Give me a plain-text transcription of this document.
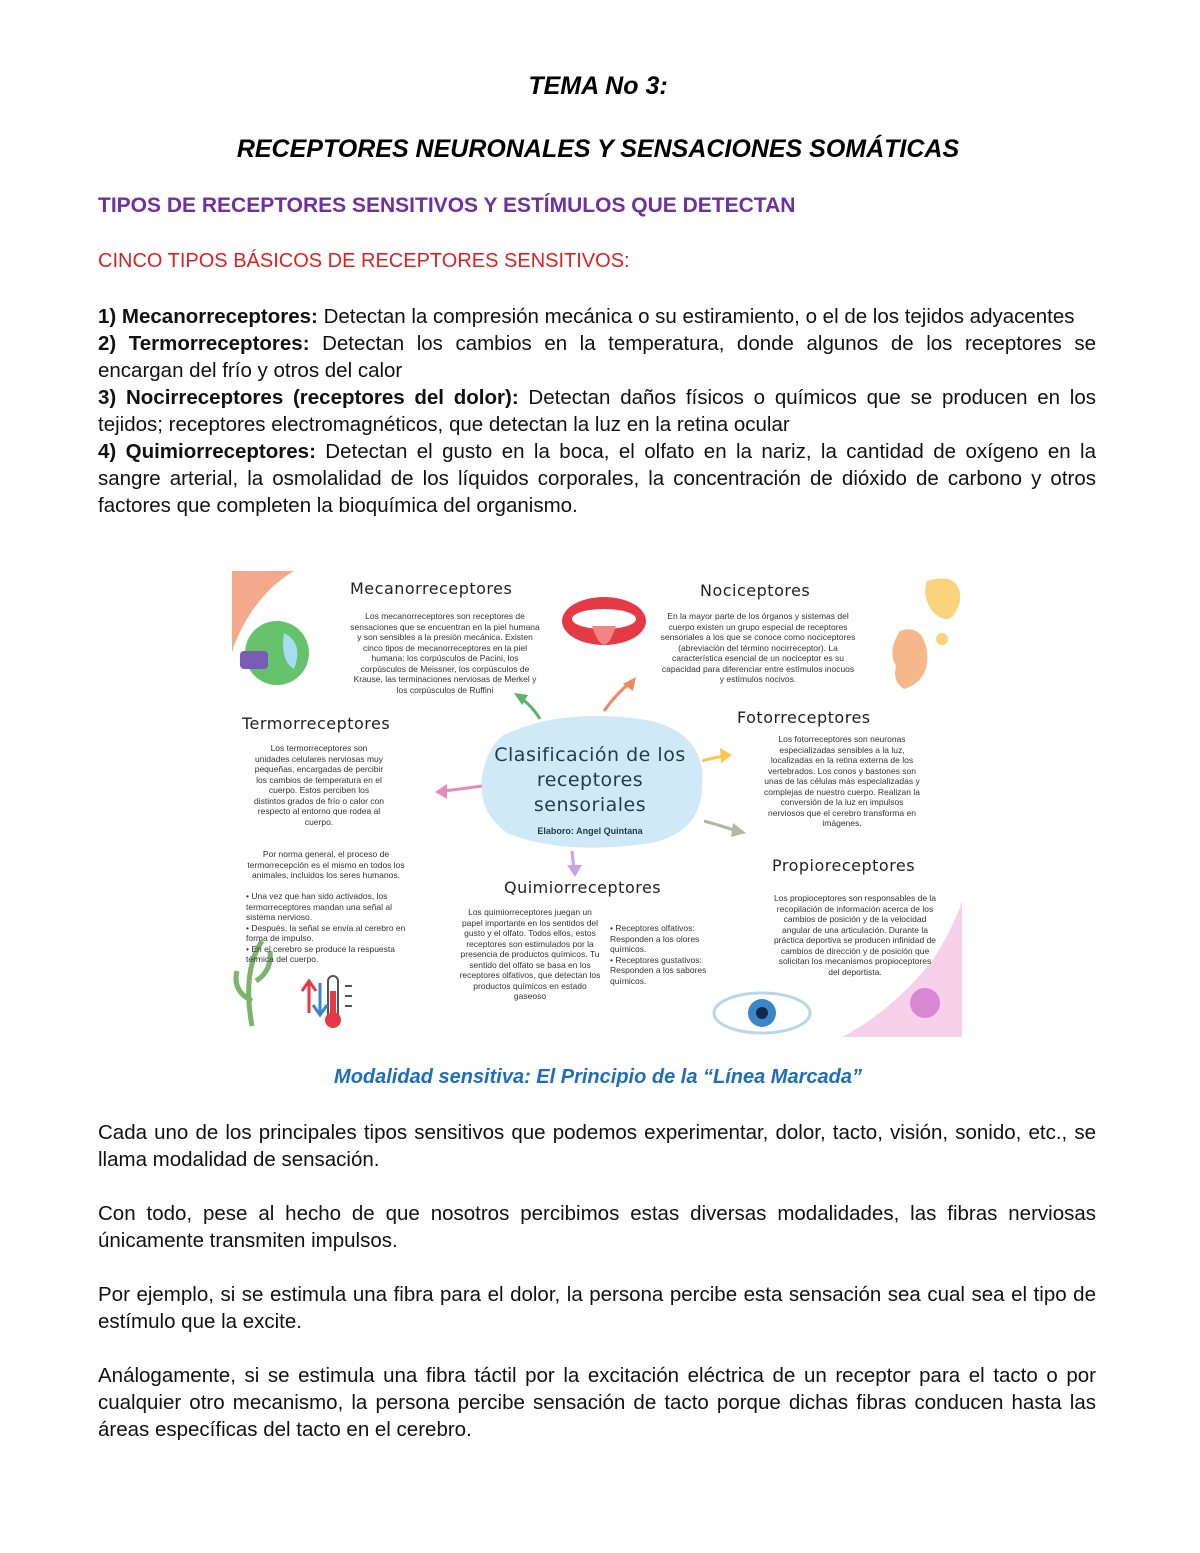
TEMA No 3:
RECEPTORES NEURONALES Y SENSACIONES SOMÁTICAS
TIPOS DE RECEPTORES SENSITIVOS Y ESTÍMULOS QUE DETECTAN
CINCO TIPOS BÁSICOS DE RECEPTORES SENSITIVOS:

1) Mecanorreceptores: Detectan la compresión mecánica o su estiramiento, o el de los tejidos adyacentes

2) Termorreceptores: Detectan los cambios en la temperatura, donde algunos de los receptores se encargan del frío y otros del calor

3) Nocirreceptores (receptores del dolor): Detectan daños físicos o químicos que se producen en los tejidos; receptores electromagnéticos, que detectan la luz en la retina ocular

4) Quimiorreceptores: Detectan el gusto en la boca, el olfato en la nariz, la cantidad de oxígeno en la sangre arterial, la osmolalidad de los líquidos corporales, la concentración de dióxido de carbono y otros factores que completen la bioquímica del organismo.

Mecanorreceptores
Los mecanorreceptores son receptores de sensaciones que se encuentran en la piel humana y son sensibles a la presión mecánica. Existen cinco tipos de mecanorreceptores en la piel humana: los corpúsculos de Pacini, los corpúsculos de Meissner, los corpúsculos de Krause, las terminaciones nerviosas de Merkel y los corpúsculos de Ruffini
Nociceptores
En la mayor parte de los órganos y sistemas del cuerpo existen un grupo especial de receptores sensoriales a los que se conoce como nociceptores (abreviación del término nocirreceptor). La característica esencial de un nociceptor es su capacidad para diferenciar entre estímulos inocuos y estímulos nocivos.
Termorreceptores
Los termorreceptores son unidades celulares nerviosas muy pequeñas, encargadas de percibir los cambios de temperatura en el cuerpo. Estos perciben los distintos grados de frío o calor con respecto al entorno que rodea al cuerpo.
Por norma general, el proceso de termorrecepción es el mismo en todos los animales, incluidos los seres humanos.
• Una vez que han sido activados, los termorreceptores mandan una señal al sistema nervioso.
• Después, la señal se envía al cerebro en forma de impulso.
• En el cerebro se produce la respuesta térmica del cuerpo.
Clasificación de los receptores sensoriales
Elaboro: Angel Quintana
Fotorreceptores
Los fotorreceptores son neuronas especializadas sensibles a la luz, localizadas en la retina externa de los vertebrados. Los conos y bastones son unas de las células más especializadas y complejas de nuestro cuerpo. Realizan la conversión de la luz en impulsos nerviosos que el cerebro transforma en imágenes.
Propioreceptores
Los propioceptores son responsables de la recopilación de información acerca de los cambios de posición y de la velocidad angular de una articulación. Durante la práctica deportiva se producen infinidad de cambios de dirección y de posición que solicitan los mecanismos propioceptores del deportista.
Quimiorreceptores
Los quimiorreceptores juegan un papel importante en los sentidos del gusto y el olfato. Todos ellos, estos receptores son estimulados por la presencia de productos químicos. Tu sentido del olfato se basa en los receptores olfativos, que detectan los productos químicos en estado gaseoso
• Receptores olfativos: Responden a los olores químicos.
• Receptores gustativos: Responden a los sabores químicos.
Modalidad sensitiva: El Principio de la “Línea Marcada”

Cada uno de los principales tipos sensitivos que podemos experimentar, dolor, tacto, visión, sonido, etc., se llama modalidad de sensación.

Con todo, pese al hecho de que nosotros percibimos estas diversas modalidades, las fibras nerviosas únicamente transmiten impulsos.

Por ejemplo, si se estimula una fibra para el dolor, la persona percibe esta sensación sea cual sea el tipo de estímulo que la excite.

Análogamente, si se estimula una fibra táctil por la excitación eléctrica de un receptor para el tacto o por cualquier otro mecanismo, la persona percibe sensación de tacto porque dichas fibras conducen hasta las áreas específicas del tacto en el cerebro.
